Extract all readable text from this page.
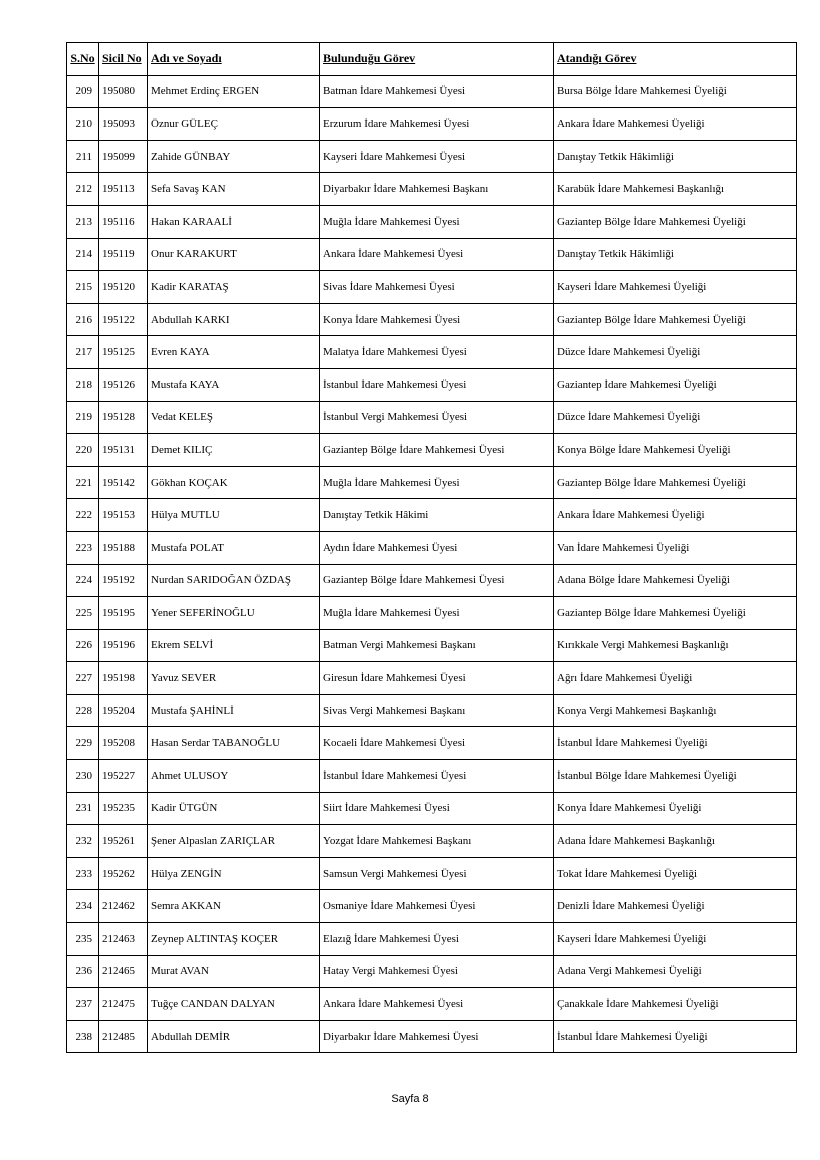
S.No	Sicil No	Adı ve Soyadı	Bulunduğu Görev	Atandığı Görev
209	195080	Mehmet Erdinç ERGEN	Batman İdare Mahkemesi Üyesi	Bursa Bölge İdare Mahkemesi Üyeliği
210	195093	Öznur GÜLEÇ	Erzurum İdare Mahkemesi Üyesi	Ankara İdare Mahkemesi Üyeliği
211	195099	Zahide GÜNBAY	Kayseri İdare Mahkemesi Üyesi	Danıştay Tetkik Hâkimliği
212	195113	Sefa Savaş KAN	Diyarbakır İdare Mahkemesi Başkanı	Karabük İdare Mahkemesi Başkanlığı
213	195116	Hakan KARAALİ	Muğla İdare Mahkemesi Üyesi	Gaziantep Bölge İdare Mahkemesi Üyeliği
214	195119	Onur KARAKURT	Ankara İdare Mahkemesi Üyesi	Danıştay Tetkik Hâkimliği
215	195120	Kadir KARATAŞ	Sivas İdare Mahkemesi Üyesi	Kayseri İdare Mahkemesi Üyeliği
216	195122	Abdullah KARKI	Konya İdare Mahkemesi Üyesi	Gaziantep Bölge İdare Mahkemesi Üyeliği
217	195125	Evren KAYA	Malatya İdare Mahkemesi Üyesi	Düzce İdare Mahkemesi Üyeliği
218	195126	Mustafa KAYA	İstanbul İdare Mahkemesi Üyesi	Gaziantep İdare Mahkemesi Üyeliği
219	195128	Vedat KELEŞ	İstanbul Vergi Mahkemesi Üyesi	Düzce İdare Mahkemesi Üyeliği
220	195131	Demet KILIÇ	Gaziantep Bölge İdare Mahkemesi Üyesi	Konya Bölge İdare Mahkemesi Üyeliği
221	195142	Gökhan KOÇAK	Muğla İdare Mahkemesi Üyesi	Gaziantep Bölge İdare Mahkemesi Üyeliği
222	195153	Hülya MUTLU	Danıştay Tetkik Hâkimi	Ankara İdare Mahkemesi Üyeliği
223	195188	Mustafa POLAT	Aydın İdare Mahkemesi Üyesi	Van İdare Mahkemesi Üyeliği
224	195192	Nurdan SARIDOĞAN ÖZDAŞ	Gaziantep Bölge İdare Mahkemesi Üyesi	Adana Bölge İdare Mahkemesi Üyeliği
225	195195	Yener SEFERİNOĞLU	Muğla İdare Mahkemesi Üyesi	Gaziantep Bölge İdare Mahkemesi Üyeliği
226	195196	Ekrem SELVİ	Batman Vergi Mahkemesi Başkanı	Kırıkkale Vergi Mahkemesi Başkanlığı
227	195198	Yavuz SEVER	Giresun İdare Mahkemesi Üyesi	Ağrı İdare Mahkemesi Üyeliği
228	195204	Mustafa ŞAHİNLİ	Sivas Vergi Mahkemesi Başkanı	Konya Vergi Mahkemesi Başkanlığı
229	195208	Hasan Serdar TABANOĞLU	Kocaeli İdare Mahkemesi Üyesi	İstanbul İdare Mahkemesi Üyeliği
230	195227	Ahmet ULUSOY	İstanbul İdare Mahkemesi Üyesi	İstanbul Bölge İdare Mahkemesi Üyeliği
231	195235	Kadir ÜTGÜN	Siirt İdare Mahkemesi Üyesi	Konya İdare Mahkemesi Üyeliği
232	195261	Şener Alpaslan ZARIÇLAR	Yozgat İdare Mahkemesi Başkanı	Adana İdare Mahkemesi Başkanlığı
233	195262	Hülya ZENGİN	Samsun Vergi Mahkemesi Üyesi	Tokat İdare Mahkemesi Üyeliği
234	212462	Semra AKKAN	Osmaniye İdare Mahkemesi Üyesi	Denizli İdare Mahkemesi Üyeliği
235	212463	Zeynep ALTINTAŞ KOÇER	Elazığ İdare Mahkemesi Üyesi	Kayseri İdare Mahkemesi Üyeliği
236	212465	Murat AVAN	Hatay Vergi Mahkemesi Üyesi	Adana Vergi Mahkemesi Üyeliği
237	212475	Tuğçe CANDAN DALYAN	Ankara İdare Mahkemesi Üyesi	Çanakkale İdare Mahkemesi Üyeliği
238	212485	Abdullah DEMİR	Diyarbakır İdare Mahkemesi Üyesi	İstanbul İdare Mahkemesi Üyeliği
Sayfa 8
